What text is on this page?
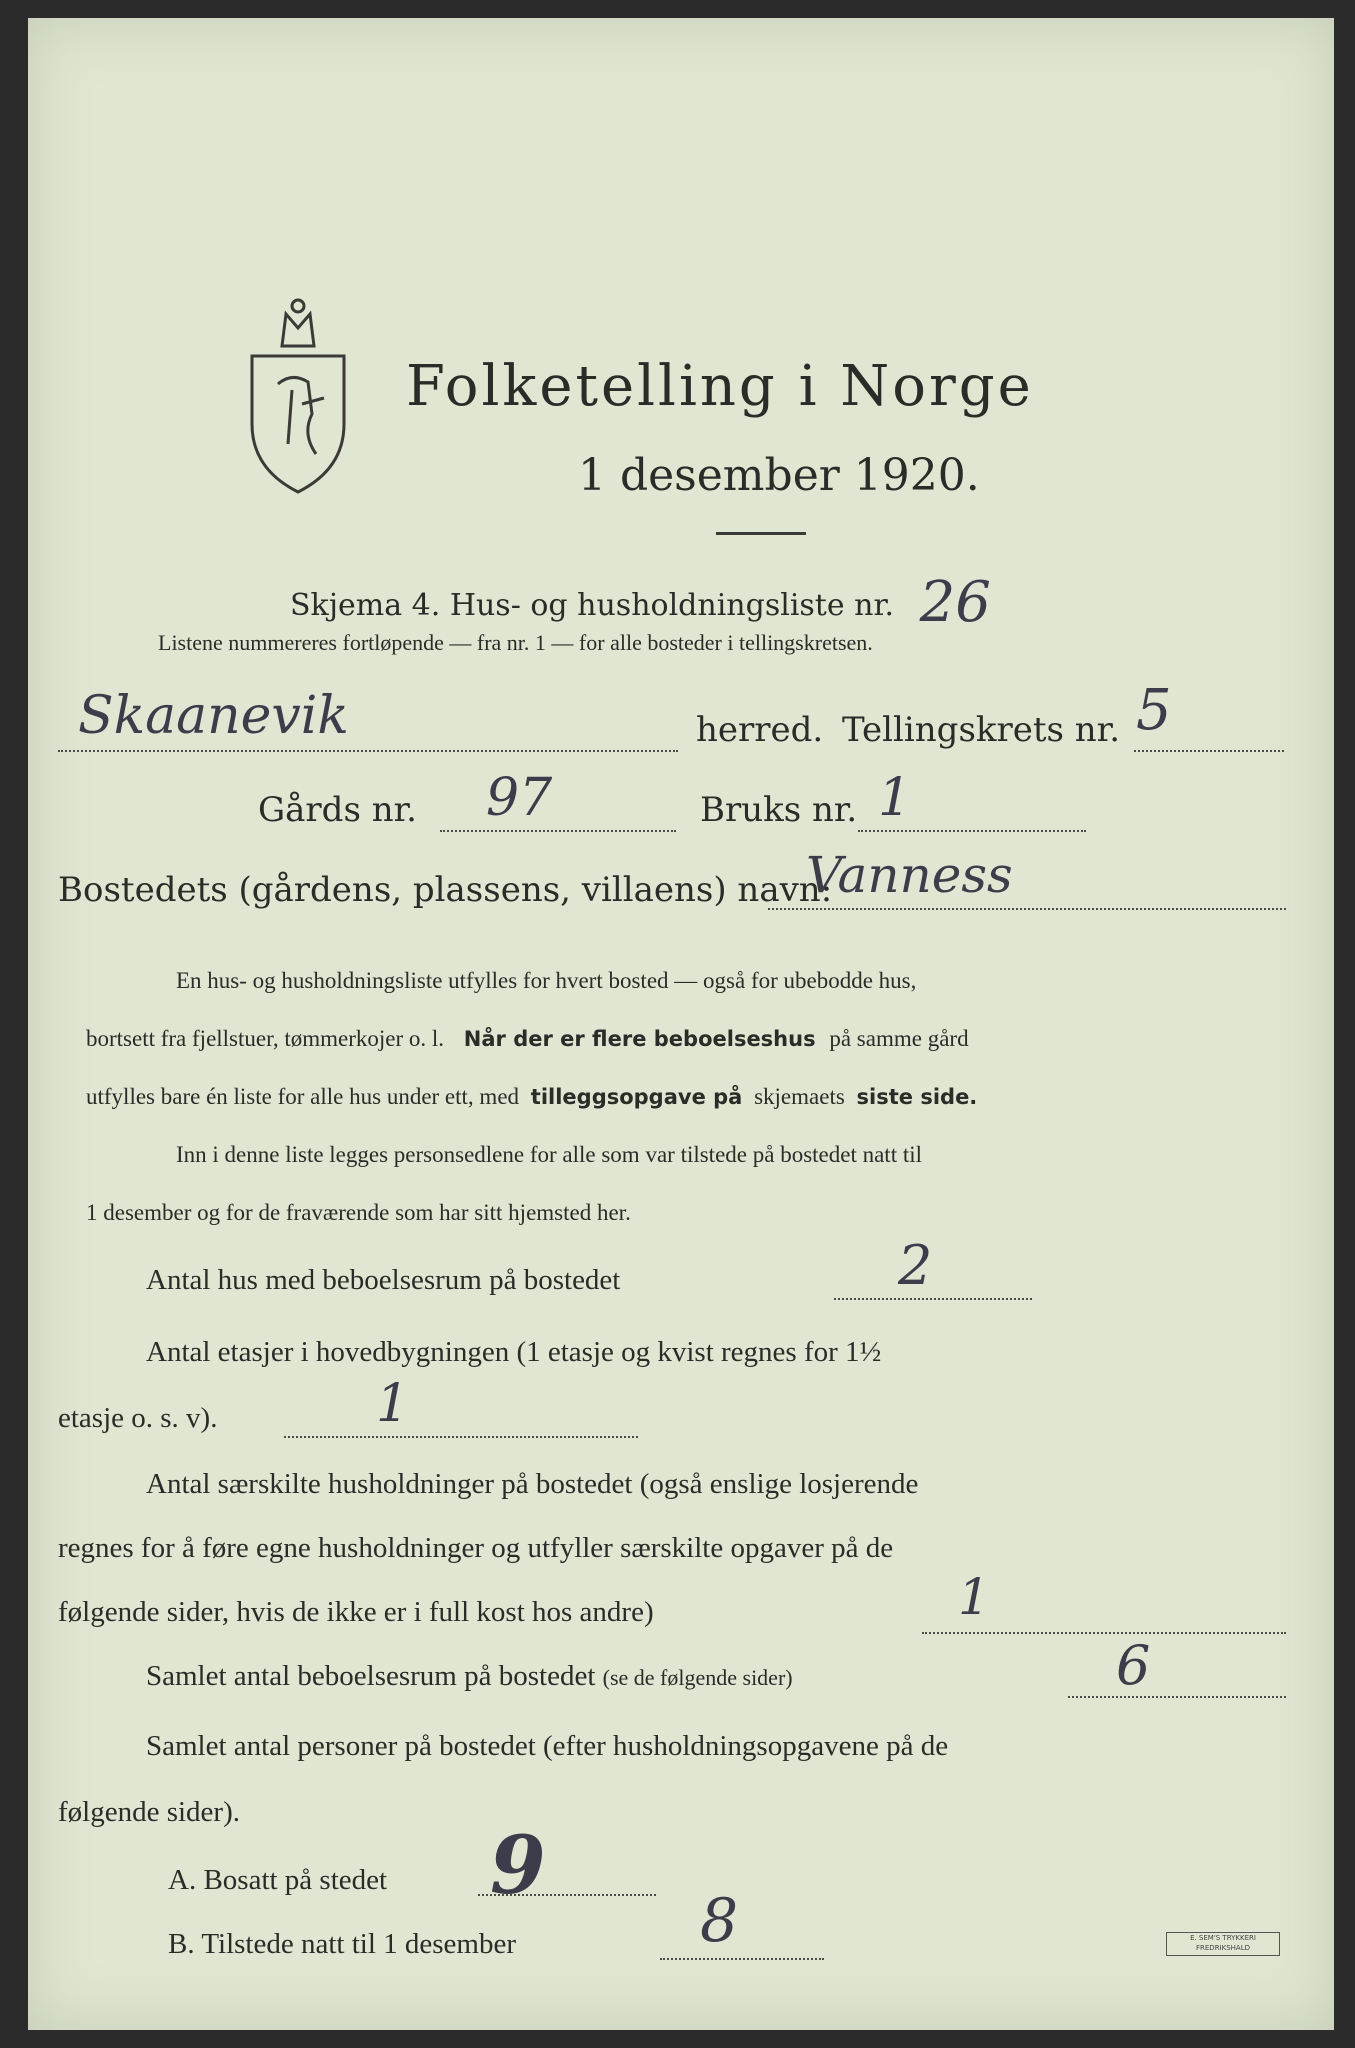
Folketelling i Norge
1 desember 1920.
Skjema 4. Hus- og husholdningsliste nr. 26
Listene nummereres fortløpende — fra nr. 1 — for alle bosteder i tellingskretsen.
Skaanevik	herred. Tellingskrets nr. 5
Gårds nr. 97	Bruks nr. 1
Bostedets (gårdens, plassens, villaens) navn:
Vanness
En hus- og husholdningsliste utfylles for hvert bosted — også for ubebodde hus,
bortsett fra fjellstuer, tømmerkojer o. l. Når der er flere beboelseshus på samme gård
utfylles bare én liste for alle hus under ett, med tilleggsopgave på skjemaets siste side.
Inn i denne liste legges personsedlene for alle som var tilstede på bostedet natt til
1 desember og for de fraværende som har sitt hjemsted her.
Antal hus med beboelsesrum på bostedet	2
Antal etasjer i hovedbygningen (1 etasje og kvist regnes for 1½
etasje o. s. v).	1
Antal særskilte husholdninger på bostedet (også enslige losjerende
regnes for å føre egne husholdninger og utfyller særskilte opgaver på de
følgende sider, hvis de ikke er i full kost hos andre)	1
Samlet antal beboelsesrum på bostedet (se de følgende sider)	6
Samlet antal personer på bostedet (efter husholdningsopgavene på de
følgende sider).
A. Bosatt på stedet 9
B. Tilstede natt til 1 desember	8	E. SEM'S TRYKKERI
FREDRIKSHALD
